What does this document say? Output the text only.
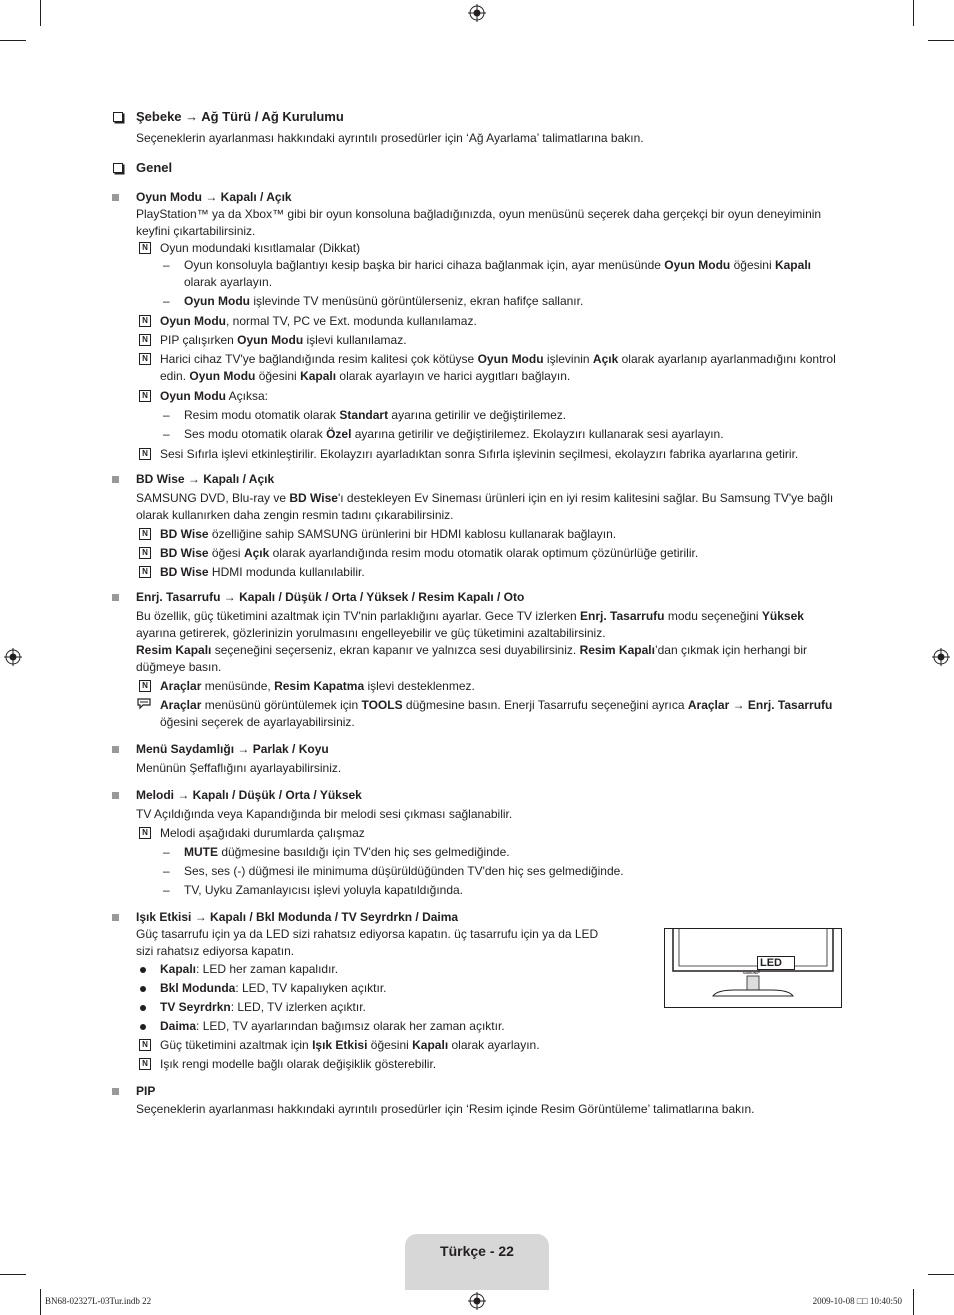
Şebeke → Ağ Türü / Ağ Kurulumu
Seçeneklerin ayarlanması hakkındaki ayrıntılı prosedürler için ‘Ağ Ayarlama’ talimatlarına bakın.
Genel
Oyun Modu → Kapalı / Açık
PlayStation™ ya da Xbox™ gibi bir oyun konsoluna bağladığınızda, oyun menüsünü seçerek daha gerçekçi bir oyun deneyiminin keyfini çıkartabilirsiniz.
N Oyun modundaki kısıtlamalar (Dikkat)
– Oyun konsoluyla bağlantıyı kesip başka bir harici cihaza bağlanmak için, ayar menüsünde Oyun Modu öğesini Kapalı olarak ayarlayın.
– Oyun Modu işlevinde TV menüsünü görüntülerseniz, ekran hafifçe sallanır.
N Oyun Modu, normal TV, PC ve Ext. modunda kullanılamaz.
N PIP çalışırken Oyun Modu işlevi kullanılamaz.
N Harici cihaz TV'ye bağlandığında resim kalitesi çok kötüyse Oyun Modu işlevinin Açık olarak ayarlanıp ayarlanmadığını kontrol edin. Oyun Modu öğesini Kapalı olarak ayarlayın ve harici aygıtları bağlayın.
N Oyun Modu Açıksa:
– Resim modu otomatik olarak Standart ayarına getirilir ve değiştirilemez.
– Ses modu otomatik olarak Özel ayarına getirilir ve değiştirilemez. Ekolayzırı kullanarak sesi ayarlayın.
N Sesi Sıfırla işlevi etkinleştirilir. Ekolayzırı ayarladıktan sonra Sıfırla işlevinin seçilmesi, ekolayzırı fabrika ayarlarına getirir.
BD Wise → Kapalı / Açık
SAMSUNG DVD, Blu-ray ve BD Wise'ı destekleyen Ev Sineması ürünleri için en iyi resim kalitesini sağlar. Bu Samsung TV'ye bağlı olarak kullanırken daha zengin resmin tadını çıkarabilirsiniz.
N BD Wise özelliğine sahip SAMSUNG ürünlerini bir HDMI kablosu kullanarak bağlayın.
N BD Wise öğesi Açık olarak ayarlandığında resim modu otomatik olarak optimum çözünürlüğe getirilir.
N BD Wise HDMI modunda kullanılabilir.
Enrj. Tasarrufu → Kapalı / Düşük / Orta / Yüksek / Resim Kapalı / Oto
Bu özellik, güç tüketimini azaltmak için TV'nin parlaklığını ayarlar. Gece TV izlerken Enrj. Tasarrufu modu seçeneğini Yüksek ayarına getirerek, gözlerinizin yorulmasını engelleyebilir ve güç tüketimini azaltabilirsiniz.
Resim Kapalı seçeneğini seçerseniz, ekran kapanır ve yalnızca sesi duyabilirsiniz. Resim Kapalı’dan çıkmak için herhangi bir düğmeye basın.
N Araçlar menüsünde, Resim Kapatma işlevi desteklenmez.
Araçlar menüsünü görüntülemek için TOOLS düğmesine basın. Enerji Tasarrufu seçeneğini ayrıca Araçlar → Enrj. Tasarrufu öğesini seçerek de ayarlayabilirsiniz.
Menü Saydamlığı → Parlak / Koyu
Menünün Şeffaflığını ayarlayabilirsiniz.
Melodi → Kapalı / Düşük / Orta / Yüksek
TV Açıldığında veya Kapandığında bir melodi sesi çıkması sağlanabilir.
N Melodi aşağıdaki durumlarda çalışmaz
– MUTE düğmesine basıldığı için TV'den hiç ses gelmediğinde.
– Ses, ses (-) düğmesi ile minimuma düşürüldüğünden TV'den hiç ses gelmediğinde.
– TV, Uyku Zamanlayıcısı işlevi yoluyla kapatıldığında.
Işık Etkisi → Kapalı / Bkl Modunda / TV Seyrdrkn / Daima
Güç tasarrufu için ya da LED sizi rahatsız ediyorsa kapatın. üç tasarrufu için ya da LED sizi rahatsız ediyorsa kapatın.
Kapalı: LED her zaman kapalıdır.
Bkl Modunda: LED, TV kapalıyken açıktır.
TV Seyrdrkn: LED, TV izlerken açıktır.
Daima: LED, TV ayarlarından bağımsız olarak her zaman açıktır.
N Güç tüketimini azaltmak için Işık Etkisi öğesini Kapalı olarak ayarlayın.
N Işık rengi modelle bağlı olarak değişiklik gösterebilir.
PIP
Seçeneklerin ayarlanması hakkındaki ayrıntılı prosedürler için ‘Resim içinde Resim Görüntüleme’ talimatlarına bakın.
LED
SAMSUNG
Türkçe - 22
BN68-02327L-03Tur.indb 22	2009-10-08 □□ 10:40:50
